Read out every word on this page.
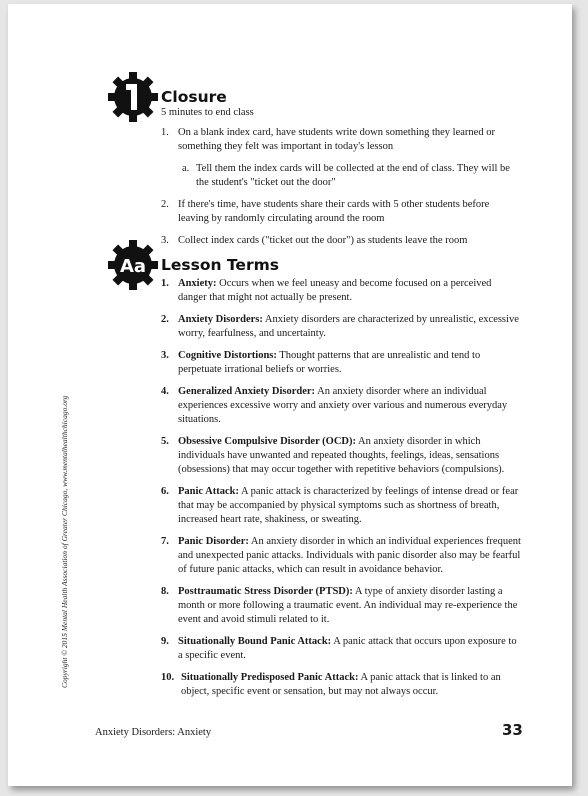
Copyright © 2015 Mental Health Association of Greater Chicago, www.mentalhealthchicago.org
Closure
5 minutes to end class
1. On a blank index card, have students write down something they learned or something they felt was important in today's lesson
a. Tell them the index cards will be collected at the end of class. They will be the student's "ticket out the door"
2. If there's time, have students share their cards with 5 other students before leaving by randomly circulating around the room
3. Collect index cards ("ticket out the door") as students leave the room
Aa Lesson Terms
1. Anxiety: Occurs when we feel uneasy and become focused on a perceived danger that might not actually be present.
2. Anxiety Disorders: Anxiety disorders are characterized by unrealistic, excessive worry, fearfulness, and uncertainty.
3. Cognitive Distortions: Thought patterns that are unrealistic and tend to perpetuate irrational beliefs or worries.
4. Generalized Anxiety Disorder: An anxiety disorder where an individual experiences excessive worry and anxiety over various and numerous everyday situations.
5. Obsessive Compulsive Disorder (OCD): An anxiety disorder in which individuals have unwanted and repeated thoughts, feelings, ideas, sensations (obsessions) that may occur together with repetitive behaviors (compulsions).
6. Panic Attack: A panic attack is characterized by feelings of intense dread or fear that may be accompanied by physical symptoms such as shortness of breath, increased heart rate, shakiness, or sweating.
7. Panic Disorder: An anxiety disorder in which an individual experiences frequent and unexpected panic attacks. Individuals with panic disorder also may be fearful of future panic attacks, which can result in avoidance behavior.
8. Posttraumatic Stress Disorder (PTSD): A type of anxiety disorder lasting a month or more following a traumatic event. An individual may re-experience the event and avoid stimuli related to it.
9. Situationally Bound Panic Attack: A panic attack that occurs upon exposure to a specific event.
10. Situationally Predisposed Panic Attack: A panic attack that is linked to an object, specific event or sensation, but may not always occur.
Anxiety Disorders: Anxiety	33
